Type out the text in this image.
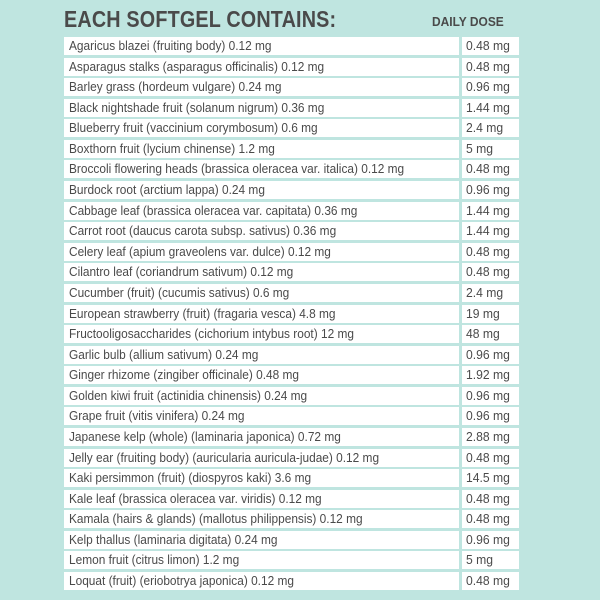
EACH SOFTGEL CONTAINS:	DAILY DOSE
Agaricus blazei (fruiting body) 0.12 mg	0.48 mg
Asparagus stalks (asparagus officinalis) 0.12 mg	0.48 mg
Barley grass (hordeum vulgare) 0.24 mg	0.96 mg
Black nightshade fruit (solanum nigrum) 0.36 mg	1.44 mg
Blueberry fruit (vaccinium corymbosum) 0.6 mg	2.4 mg
Boxthorn fruit (lycium chinense) 1.2 mg	5 mg
Broccoli flowering heads (brassica oleracea var. italica) 0.12 mg	0.48 mg
Burdock root (arctium lappa) 0.24 mg	0.96 mg
Cabbage leaf (brassica oleracea var. capitata) 0.36 mg	1.44 mg
Carrot root (daucus carota subsp. sativus) 0.36 mg	1.44 mg
Celery leaf (apium graveolens var. dulce) 0.12 mg	0.48 mg
Cilantro leaf (coriandrum sativum) 0.12 mg	0.48 mg
Cucumber (fruit) (cucumis sativus) 0.6 mg	2.4 mg
European strawberry (fruit) (fragaria vesca) 4.8 mg	19 mg
Fructooligosaccharides (cichorium intybus root) 12 mg	48 mg
Garlic bulb (allium sativum) 0.24 mg	0.96 mg
Ginger rhizome (zingiber officinale) 0.48 mg	1.92 mg
Golden kiwi fruit (actinidia chinensis) 0.24 mg	0.96 mg
Grape fruit (vitis vinifera) 0.24 mg	0.96 mg
Japanese kelp (whole) (laminaria japonica) 0.72 mg	2.88 mg
Jelly ear (fruiting body) (auricularia auricula-judae) 0.12 mg	0.48 mg
Kaki persimmon (fruit) (diospyros kaki) 3.6 mg	14.5 mg
Kale leaf (brassica oleracea var. viridis) 0.12 mg	0.48 mg
Kamala (hairs & glands) (mallotus philippensis) 0.12 mg	0.48 mg
Kelp thallus (laminaria digitata) 0.24 mg	0.96 mg
Lemon fruit (citrus limon) 1.2 mg	5 mg
Loquat (fruit) (eriobotrya japonica) 0.12 mg	0.48 mg
